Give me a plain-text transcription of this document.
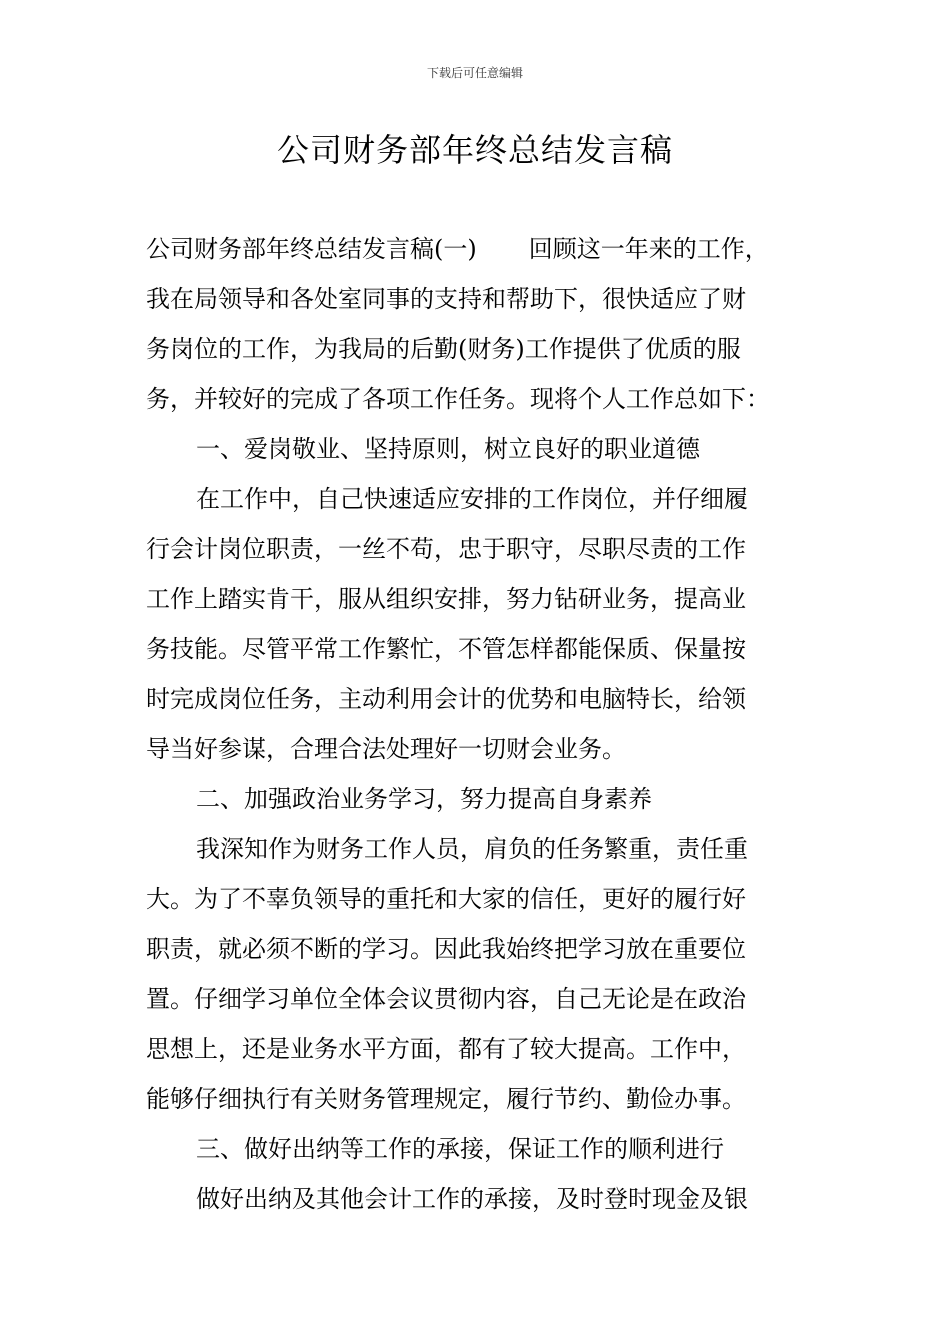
下载后可任意编辑
公司财务部年终总结发言稿
公司财务部年终总结发言稿(一) 回顾这一年来的工作，
我在局领导和各处室同事的支持和帮助下，很快适应了财
务岗位的工作，为我局的后勤(财务)工作提供了优质的服
务，并较好的完成了各项工作任务。现将个人工作总如下：
一、爱岗敬业、坚持原则，树立良好的职业道德
在工作中，自己快速适应安排的工作岗位，并仔细履
行会计岗位职责，一丝不苟，忠于职守，尽职尽责的工作
工作上踏实肯干，服从组织安排，努力钻研业务，提高业
务技能。尽管平常工作繁忙，不管怎样都能保质、保量按
时完成岗位任务，主动利用会计的优势和电脑特长，给领
导当好参谋，合理合法处理好一切财会业务。
二、加强政治业务学习，努力提高自身素养
我深知作为财务工作人员，肩负的任务繁重，责任重
大。为了不辜负领导的重托和大家的信任，更好的履行好
职责，就必须不断的学习。因此我始终把学习放在重要位
置。仔细学习单位全体会议贯彻内容，自己无论是在政治
思想上，还是业务水平方面，都有了较大提高。工作中，
能够仔细执行有关财务管理规定，履行节约、勤俭办事。
三、做好出纳等工作的承接，保证工作的顺利进行
做好出纳及其他会计工作的承接，及时登时现金及银
